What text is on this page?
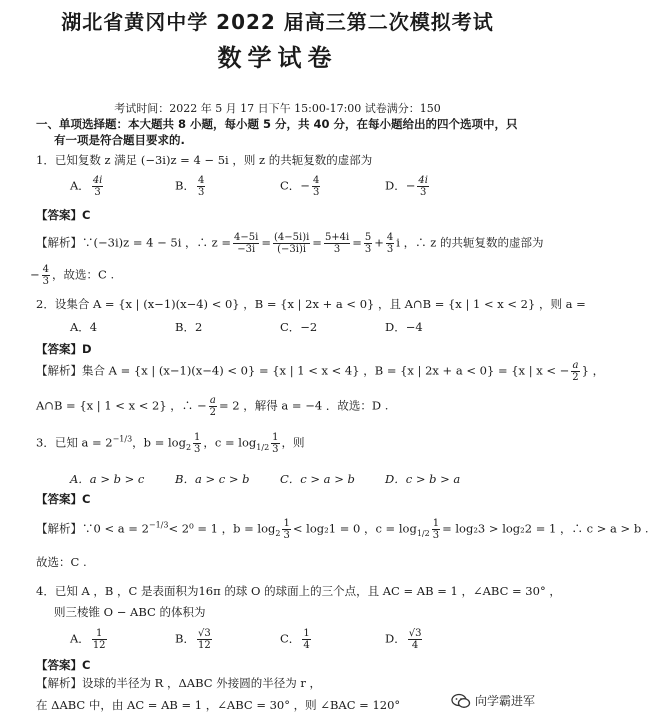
湖北省黄冈中学 2022 届高三第二次模拟考试
数学试卷
考试时间：2022 年 5 月 17 日下午 15:00-17:00 试卷满分：150
一、单项选择题：本大题共 8 小题，每小题 5 分，共 40 分，在每小题给出的四个选项中，只
有一项是符合题目要求的.
1．已知复数 z 满足 (−3i)z = 4 − 5i ，则 z 的共轭复数的虚部为
A． $\frac{4i}{3}$	B． $\frac{4}{3}$	C．− $\frac{4}{3}$	D．− $\frac{4i}{3}$
【答案】C
【解析】∵(−3i)z = 4 − 5i ，∴ $z = \frac{4-5i}{-3i} = \frac{(4-5i)i}{(-3i)i} = \frac{5+4i}{3} = \frac{5}{3} + \frac{4}{3}$ i ，∴ z 的共轭复数的虚部为
− $\frac{4}{3}$ ，故选：C .
2．设集合 A = {x | (x−1)(x−4) < 0} ，B = {x | 2x + a < 0} ，且 A∩B = {x | 1 < x < 2} ，则 a =
A．4	B．2	C．−2	D．−4
【答案】D
【解析】集合 A = {x | (x−1)(x−4) < 0} = {x | 1 < x < 4} ，B = {x | 2x + a < 0} = {x | x < − $\frac{a}{2}$ } ，
A∩B = {x | 1 < x < 2} ，∴ − $\frac{a}{2} = 2$ ，解得 a = −4 ．故选：D .
3．已知 $a = 2^{-1/3}$，$b = \log_2 \frac{1}{3}$ ，$c = \log_{1/2} \frac{1}{3}$ ，则
A．a > b > c	B．a > c > b	C．c > a > b	D．c > b > a
【答案】C
【解析】∵0 < $a = 2^{-1/3}< 2^0 = 1$ ，$b = \log_2 \frac{1}{3} < \log_21 = 0$ ，$c = \log_{1/2} \frac{1}{3} = \log_23 > \log_22 = 1$ ，∴ c > a > b .
故选：C .
4．已知 A ，B ，C 是表面积为16π 的球 O 的球面上的三个点，且 AC = AB = 1 ，∠ABC = 30° ，
则三棱锥 O − ABC 的体积为
A． $\frac{1}{12}$	B． $\frac{√3}{12}$	C． $\frac{1}{4}$	D． $\frac{√3}{4}$
【答案】C
【解析】设球的半径为 R ，ΔABC 外接圆的半径为 r ，
在 ΔABC 中，由 AC = AB = 1 ，∠ABC = 30° ，则 ∠BAC = 120°	向学霸进军
